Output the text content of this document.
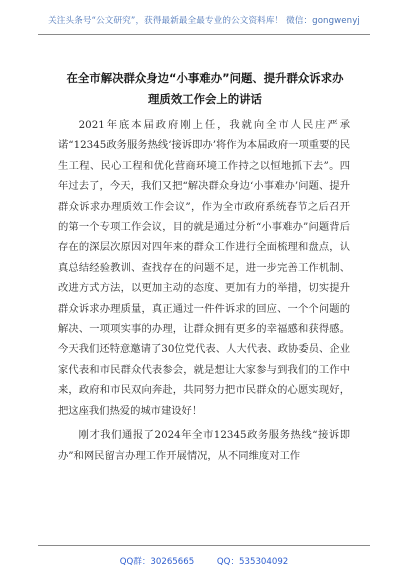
关注头条号“公文研究”，获得最新最全最专业的公文资料库！ 微信：gongwenyj
在全市解决群众身边“小事难办”问题、提升群众诉求办
理质效工作会上的讲话

2021年底本届政府刚上任，我就向全市人民庄严承诺“12345政务服务热线‘接诉即办’将作为本届政府一项重要的民生工程、民心工程和优化营商环境工作持之以恒地抓下去”。四年过去了，今天，我们又把“解决群众身边‘小事难办’问题、提升群众诉求办理质效工作会议”，作为全市政府系统春节之后召开的第一个专项工作会议，目的就是通过分析“小事难办”问题背后存在的深层次原因对四年来的群众工作进行全面梳理和盘点，认真总结经验教训、查找存在的问题不足，进一步完善工作机制、改进方式方法，以更加主动的态度、更加有力的举措，切实提升群众诉求办理质量，真正通过一件件诉求的回应、一个个问题的解决、一项项实事的办理，让群众拥有更多的幸福感和获得感。今天我们还特意邀请了30位党代表、人大代表、政协委员、企业家代表和市民群众代表参会，就是想让大家参与到我们的工作中来，政府和市民双向奔赴，共同努力把市民群众的心愿实现好，把这座我们热爱的城市建设好！

刚才我们通报了2024年全市12345政务服务热线“接诉即办”和网民留言办理工作开展情况，从不同维度对工作

QQ群：30265665	QQ：535304092
